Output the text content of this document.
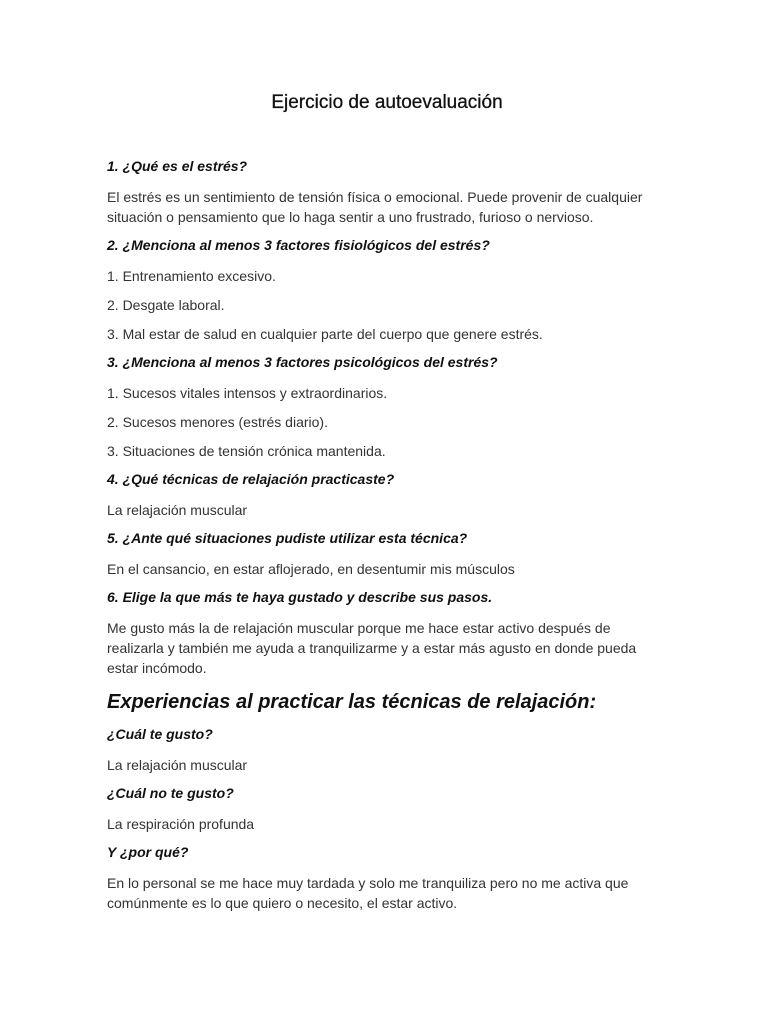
Ejercicio de autoevaluación
1. ¿Qué es el estrés?
El estrés es un sentimiento de tensión física o emocional. Puede provenir de cualquier situación o pensamiento que lo haga sentir a uno frustrado, furioso o nervioso.
2. ¿Menciona al menos 3 factores fisiológicos del estrés?
1. Entrenamiento excesivo.
2. Desgate laboral.
3. Mal estar de salud en cualquier parte del cuerpo que genere estrés.
3. ¿Menciona al menos 3 factores psicológicos del estrés?
1. Sucesos vitales intensos y extraordinarios.
2. Sucesos menores (estrés diario).
3. Situaciones de tensión crónica mantenida.
4. ¿Qué técnicas de relajación practicaste?
La relajación muscular
5. ¿Ante qué situaciones pudiste utilizar esta técnica?
En el cansancio, en estar aflojerado, en desentumir mis músculos
6. Elige la que más te haya gustado y describe sus pasos.
Me gusto más la de relajación muscular porque me hace estar activo después de realizarla y también me ayuda a tranquilizarme y a estar más agusto en donde pueda estar incómodo.
Experiencias al practicar las técnicas de relajación:
¿Cuál te gusto?
La relajación muscular
¿Cuál no te gusto?
La respiración profunda
Y ¿por qué?
En lo personal se me hace muy tardada y solo me tranquiliza pero no me activa que comúnmente es lo que quiero o necesito, el estar activo.
